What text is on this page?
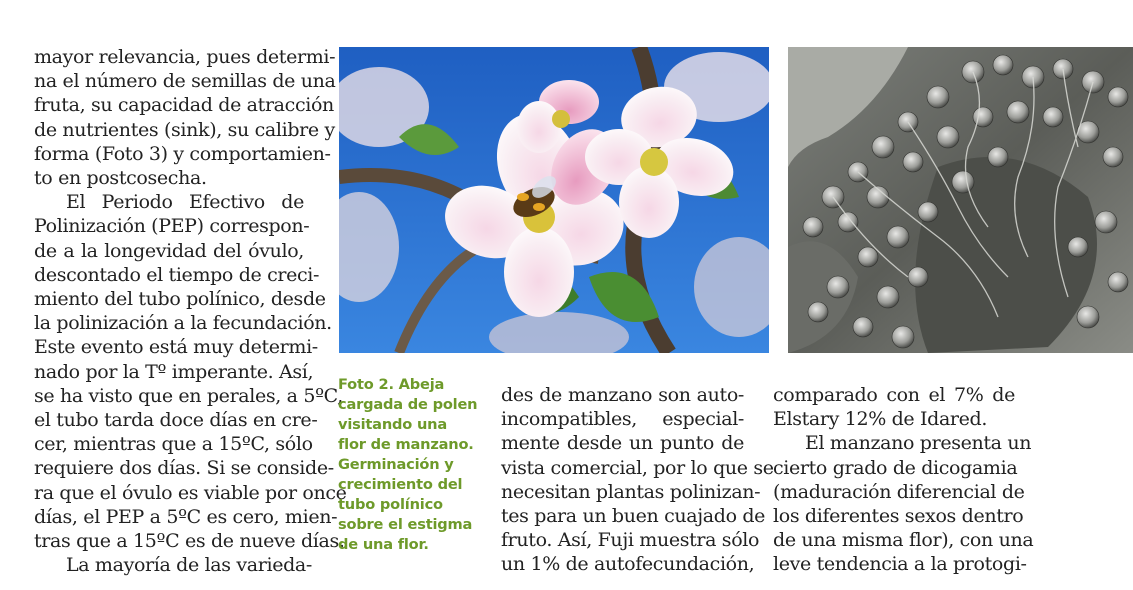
mayor relevancia, pues determi-
na el número de semillas de una
fruta, su capacidad de atracción
de nutrientes (sink), su calibre y
forma (Foto 3) y comportamien-
to en postcosecha.
El Periodo Efectivo de
Polinización (PEP) correspon-
de a la longevidad del óvulo,
descontado el tiempo de creci-
miento del tubo polínico, desde
la polinización a la fecundación.
Este evento está muy determi-
nado por la Tº imperante. Así,
se ha visto que en perales, a 5ºC,
el tubo tarda doce días en cre-
cer, mientras que a 15ºC, sólo
requiere dos días. Si se conside-
ra que el óvulo es viable por once
días, el PEP a 5ºC es cero, mien-
tras que a 15ºC es de nueve días.
La mayoría de las varieda-
Foto 2. Abeja
cargada de polen
visitando una
flor de manzano.
Germinación y
crecimiento del
tubo polínico
sobre el estigma
de una flor.
des de manzano son auto-
incompatibles, especial-
mente desde un punto de
vista comercial, por lo que se
necesitan plantas polinizan-
tes para un buen cuajado de
fruto. Así, Fuji muestra sólo
un 1% de autofecundación,
comparado con el 7% de
Elstary 12% de Idared.
El manzano presenta un
cierto grado de dicogamia
(maduración diferencial de
los diferentes sexos dentro
de una misma flor), con una
leve tendencia a la protogi-
